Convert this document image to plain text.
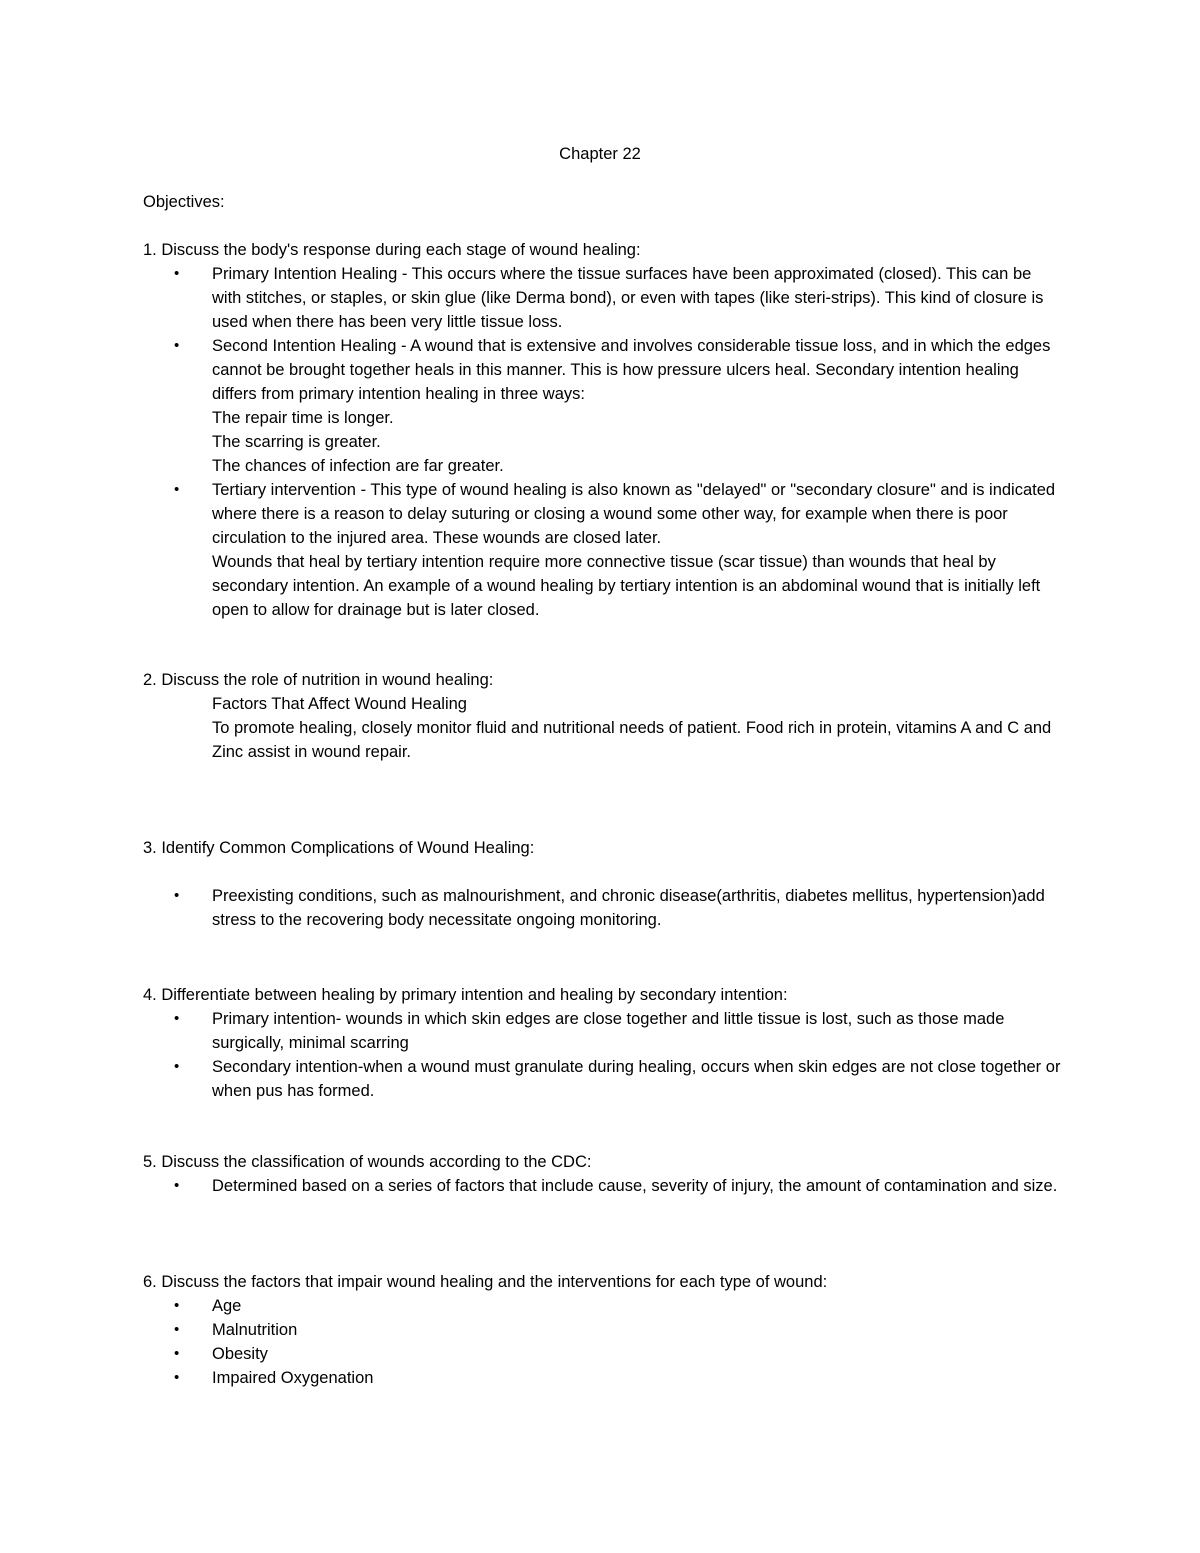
Chapter 22
Objectives:
1. Discuss the body's response during each stage of wound healing:
• Primary Intention Healing - This occurs where the tissue surfaces have been approximated (closed). This can be with stitches, or staples, or skin glue (like Derma bond), or even with tapes (like steri-strips). This kind of closure is used when there has been very little tissue loss.
• Second Intention Healing - A wound that is extensive and involves considerable tissue loss, and in which the edges cannot be brought together heals in this manner. This is how pressure ulcers heal. Secondary intention healing differs from primary intention healing in three ways:
The repair time is longer.
The scarring is greater.
The chances of infection are far greater.
• Tertiary intervention - This type of wound healing is also known as "delayed" or "secondary closure" and is indicated where there is a reason to delay suturing or closing a wound some other way, for example when there is poor circulation to the injured area. These wounds are closed later.
Wounds that heal by tertiary intention require more connective tissue (scar tissue) than wounds that heal by secondary intention. An example of a wound healing by tertiary intention is an abdominal wound that is initially left open to allow for drainage but is later closed.
2. Discuss the role of nutrition in wound healing:
Factors That Affect Wound Healing
To promote healing, closely monitor fluid and nutritional needs of patient. Food rich in protein, vitamins A and C and Zinc assist in wound repair.
3. Identify Common Complications of Wound Healing:
• Preexisting conditions, such as malnourishment, and chronic disease(arthritis, diabetes mellitus, hypertension)add stress to the recovering body necessitate ongoing monitoring.
4. Differentiate between healing by primary intention and healing by secondary intention:
• Primary intention- wounds in which skin edges are close together and little tissue is lost, such as those made surgically, minimal scarring
• Secondary intention-when a wound must granulate during healing, occurs when skin edges are not close together or when pus has formed.
5. Discuss the classification of wounds according to the CDC:
• Determined based on a series of factors that include cause, severity of injury, the amount of contamination and size.
6. Discuss the factors that impair wound healing and the interventions for each type of wound:
• Age
• Malnutrition
• Obesity
• Impaired Oxygenation
